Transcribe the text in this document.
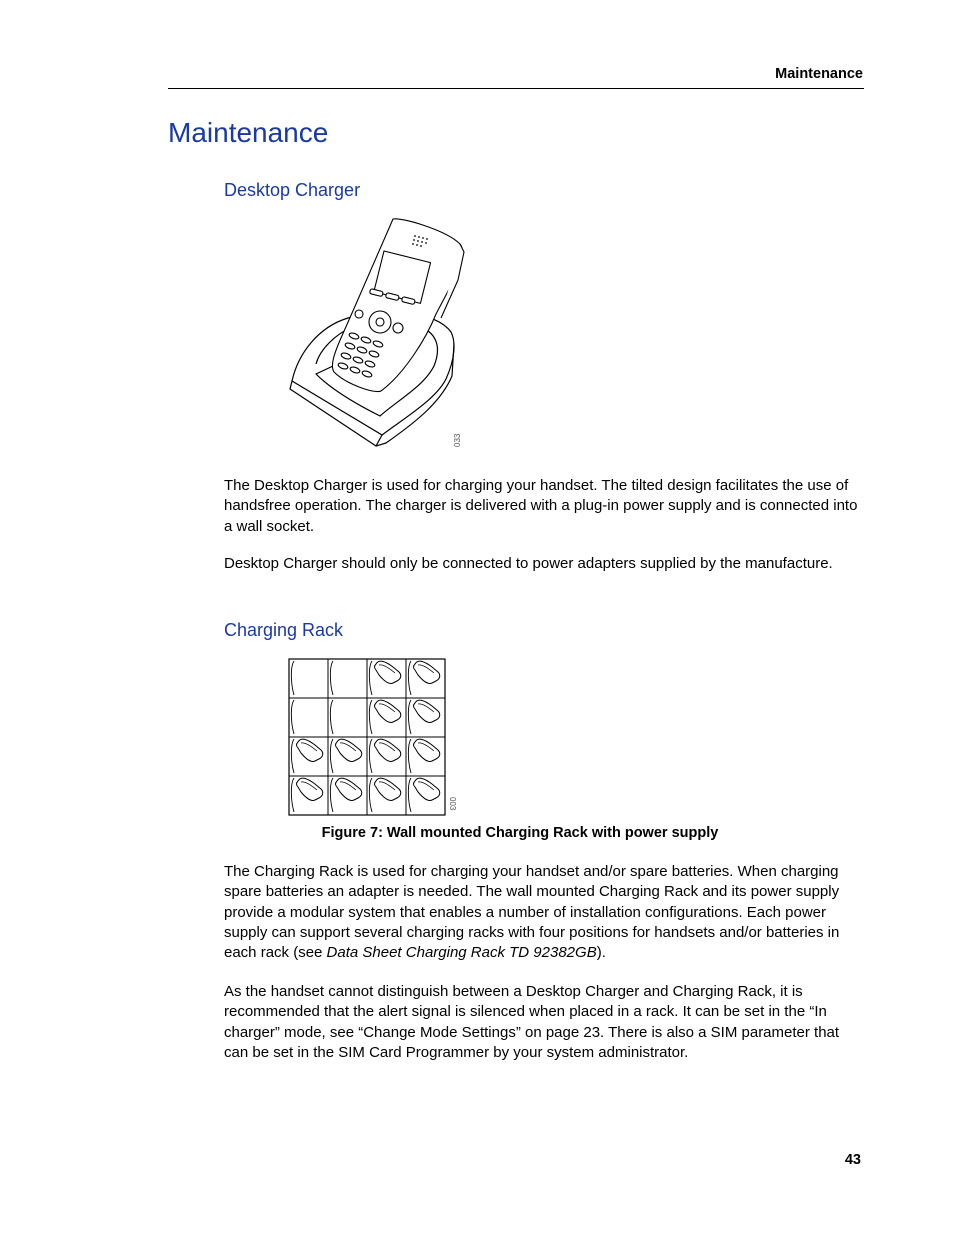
Maintenance
Maintenance
Desktop Charger
033

The Desktop Charger is used for charging your handset. The tilted design facilitates the use of handsfree operation. The charger is delivered with a plug-in power supply and is connected into a wall socket.

Desktop Charger should only be connected to power adapters supplied by the manufacture.

Charging Rack
003
Figure 7: Wall mounted Charging Rack with power supply

The Charging Rack is used for charging your handset and/or spare batteries. When charging spare batteries an adapter is needed. The wall mounted Charging Rack and its power supply provide a modular system that enables a number of installation configurations. Each power supply can support several charging racks with four positions for handsets and/or batteries in each rack (see Data Sheet Charging Rack TD 92382GB).

As the handset cannot distinguish between a Desktop Charger and Charging Rack, it is recommended that the alert signal is silenced when placed in a rack. It can be set in the “In charger” mode, see “Change Mode Settings” on page 23. There is also a SIM parameter that can be set in the SIM Card Programmer by your system administrator.

43
